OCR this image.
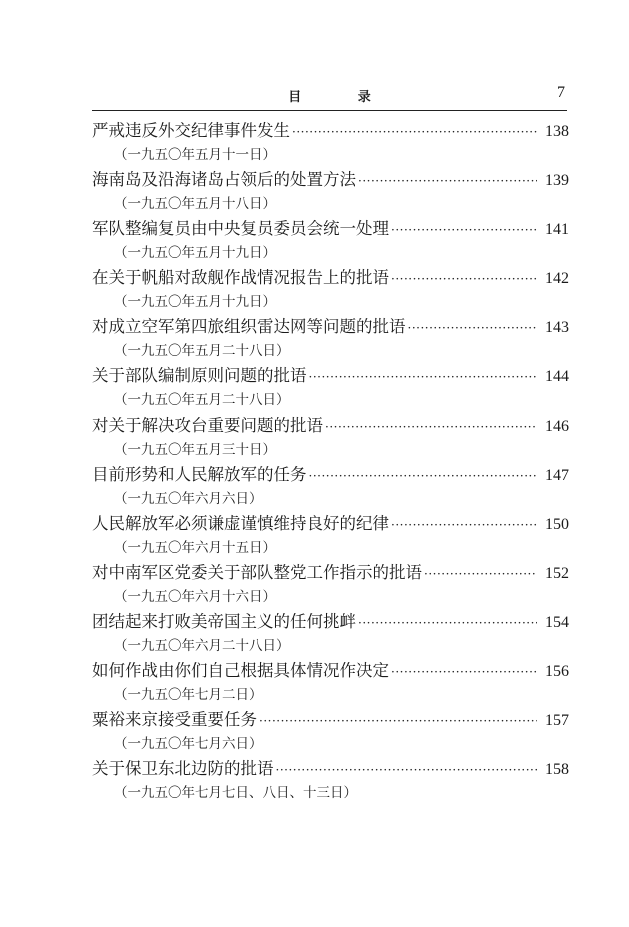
目 录	7
严戒违反外交纪律事件发生 ·····	138
（一九五〇年五月十一日）
海南岛及沿海诸岛占领后的处置方法 ·····	139
（一九五〇年五月十八日）
军队整编复员由中央复员委员会统一处理 ·····	141
（一九五〇年五月十九日）
在关于帆船对敌舰作战情况报告上的批语 ·····	142
（一九五〇年五月十九日）
对成立空军第四旅组织雷达网等问题的批语 ·····	143
（一九五〇年五月二十八日）
关于部队编制原则问题的批语 ·····	144
（一九五〇年五月二十八日）
对关于解决攻台重要问题的批语 ·····	146
（一九五〇年五月三十日）
目前形势和人民解放军的任务 ·····	147
（一九五〇年六月六日）
人民解放军必须谦虚谨慎维持良好的纪律 ·····	150
（一九五〇年六月十五日）
对中南军区党委关于部队整党工作指示的批语 ·····	152
（一九五〇年六月十六日）
团结起来打败美帝国主义的任何挑衅 ·····	154
（一九五〇年六月二十八日）
如何作战由你们自己根据具体情况作决定 ·····	156
（一九五〇年七月二日）
粟裕来京接受重要任务 ·····	157
（一九五〇年七月六日）
关于保卫东北边防的批语 ·····	158
（一九五〇年七月七日、八日、十三日）
